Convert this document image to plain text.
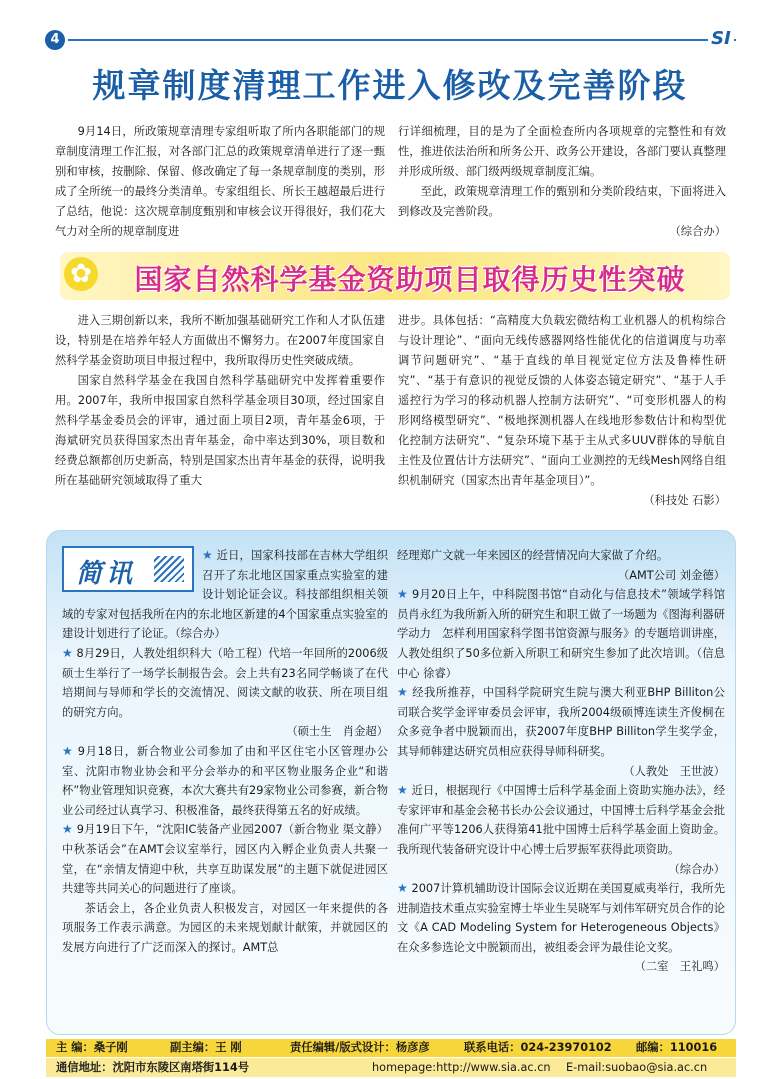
4	SI
规章制度清理工作进入修改及完善阶段

9月14日，所政策规章清理专家组听取了所内各职能部门的规章制度清理工作汇报，对各部门汇总的政策规章清单进行了逐一甄别和审核，按删除、保留、修改确定了每一条规章制度的类别，形成了全所统一的最终分类清单。专家组组长、所长王越超最后进行了总结，他说：这次规章制度甄别和审核会议开得很好，我们花大气力对全所的规章制度进

行详细梳理，目的是为了全面检查所内各项规章的完整性和有效性，推进依法治所和所务公开、政务公开建设，各部门要认真整理并形成所级、部门级两级规章制度汇编。

至此，政策规章清理工作的甄别和分类阶段结束，下面将进入到修改及完善阶段。

（综合办）

✿	国家自然科学基金资助项目取得历史性突破

进入三期创新以来，我所不断加强基础研究工作和人才队伍建设，特别是在培养年轻人方面做出不懈努力。在2007年度国家自然科学基金资助项目申报过程中，我所取得历史性突破成绩。

国家自然科学基金在我国自然科学基础研究中发挥着重要作用。2007年，我所申报国家自然科学基金项目30项，经过国家自然科学基金委员会的评审，通过面上项目2项，青年基金6项，于海斌研究员获得国家杰出青年基金，命中率达到30%，项目数和经费总额都创历史新高，特别是国家杰出青年基金的获得，说明我所在基础研究领域取得了重大

进步。具体包括：“高精度大负载宏微结构工业机器人的机构综合与设计理论”、“面向无线传感器网络性能优化的信道调度与功率调节问题研究”、“基于直线的单目视觉定位方法及鲁棒性研究”、“基于有意识的视觉反馈的人体姿态镜定研究”、“基于人手遥控行为学习的移动机器人控制方法研究”、“可变形机器人的构形网络模型研究”、“极地探测机器人在线地形参数估计和构型优化控制方法研究”、“复杂环境下基于主从式多UUV群体的导航自主性及位置估计方法研究”、“面向工业测控的无线Mesh网络自组织机制研究（国家杰出青年基金项目）”。

（科技处 石影）

简讯

★ 近日，国家科技部在吉林大学组织召开了东北地区国家重点实验室的建设计划论证会议。科技部组织相关领域的专家对包括我所在内的东北地区新建的4个国家重点实验室的建设计划进行了论证。（综合办）

★ 8月29日，人教处组织科大（哈工程）代培一年回所的2006级硕士生举行了一场学长制报告会。会上共有23名同学畅谈了在代培期间与导师和学长的交流情况、阅读文献的收获、所在项目组的研究方向。

（硕士生　肖金超）

★ 9月18日，新合物业公司参加了由和平区住宅小区管理办公室、沈阳市物业协会和平分会举办的和平区物业服务企业“和谐杯”物业管理知识竞赛，本次大赛共有29家物业公司参赛，新合物业公司经过认真学习、积极准备，最终获得第五名的好成绩。
（新合物业 渠文静）

★ 9月19日下午，“沈阳IC装备产业园2007中秋茶话会”在AMT会议室举行，园区内入孵企业负责人共聚一堂，在“亲情友情迎中秋，共享互助谋发展”的主题下就促进园区共建等共同关心的问题进行了座谈。

茶话会上，各企业负责人积极发言，对园区一年来提供的各项服务工作表示满意。为园区的未来规划献计献策，并就园区的发展方向进行了广泛而深入的探讨。AMT总

经理郑广文就一年来园区的经营情况向大家做了介绍。

（AMT公司 刘金德）

★ 9月20日上午，中科院图书馆“自动化与信息技术”领域学科馆员肖永红为我所新入所的研究生和职工做了一场题为《图海利器研学动力　怎样利用国家科学图书馆资源与服务》的专题培训讲座，人教处组织了50多位新入所职工和研究生参加了此次培训。（信息中心 徐睿）

★ 经我所推荐，中国科学院研究生院与澳大利亚BHP Billiton公司联合奖学金评审委员会评审，我所2004级硕博连读生齐俊桐在众多竞争者中脱颖而出，获2007年度BHP Billiton学生奖学金，其导师韩建达研究员相应获得导师科研奖。

（人教处　王世波）

★ 近日，根据现行《中国博士后科学基金面上资助实施办法》，经专家评审和基金会秘书长办公会议通过，中国博士后科学基金会批准何广平等1206人获得第41批中国博士后科学基金面上资助金。我所现代装备研究设计中心博士后罗振军获得此项资助。

（综合办）

★ 2007计算机辅助设计国际会议近期在美国夏威夷举行，我所先进制造技术重点实验室博士毕业生吴晓军与刘伟军研究员合作的论文《A CAD Modeling System for Heterogeneous Objects》在众多参选论文中脱颖而出，被组委会评为最佳论文奖。

（二室　王礼鸣）

主 编：桑子刚	副主编：王 刚	责任编辑/版式设计：杨彦彦	联系电话：024-23970102 邮编：110016
通信地址：沈阳市东陵区南塔街114号	homepage:http://www.sia.ac.cn E-mail:suobao@sia.ac.cn
